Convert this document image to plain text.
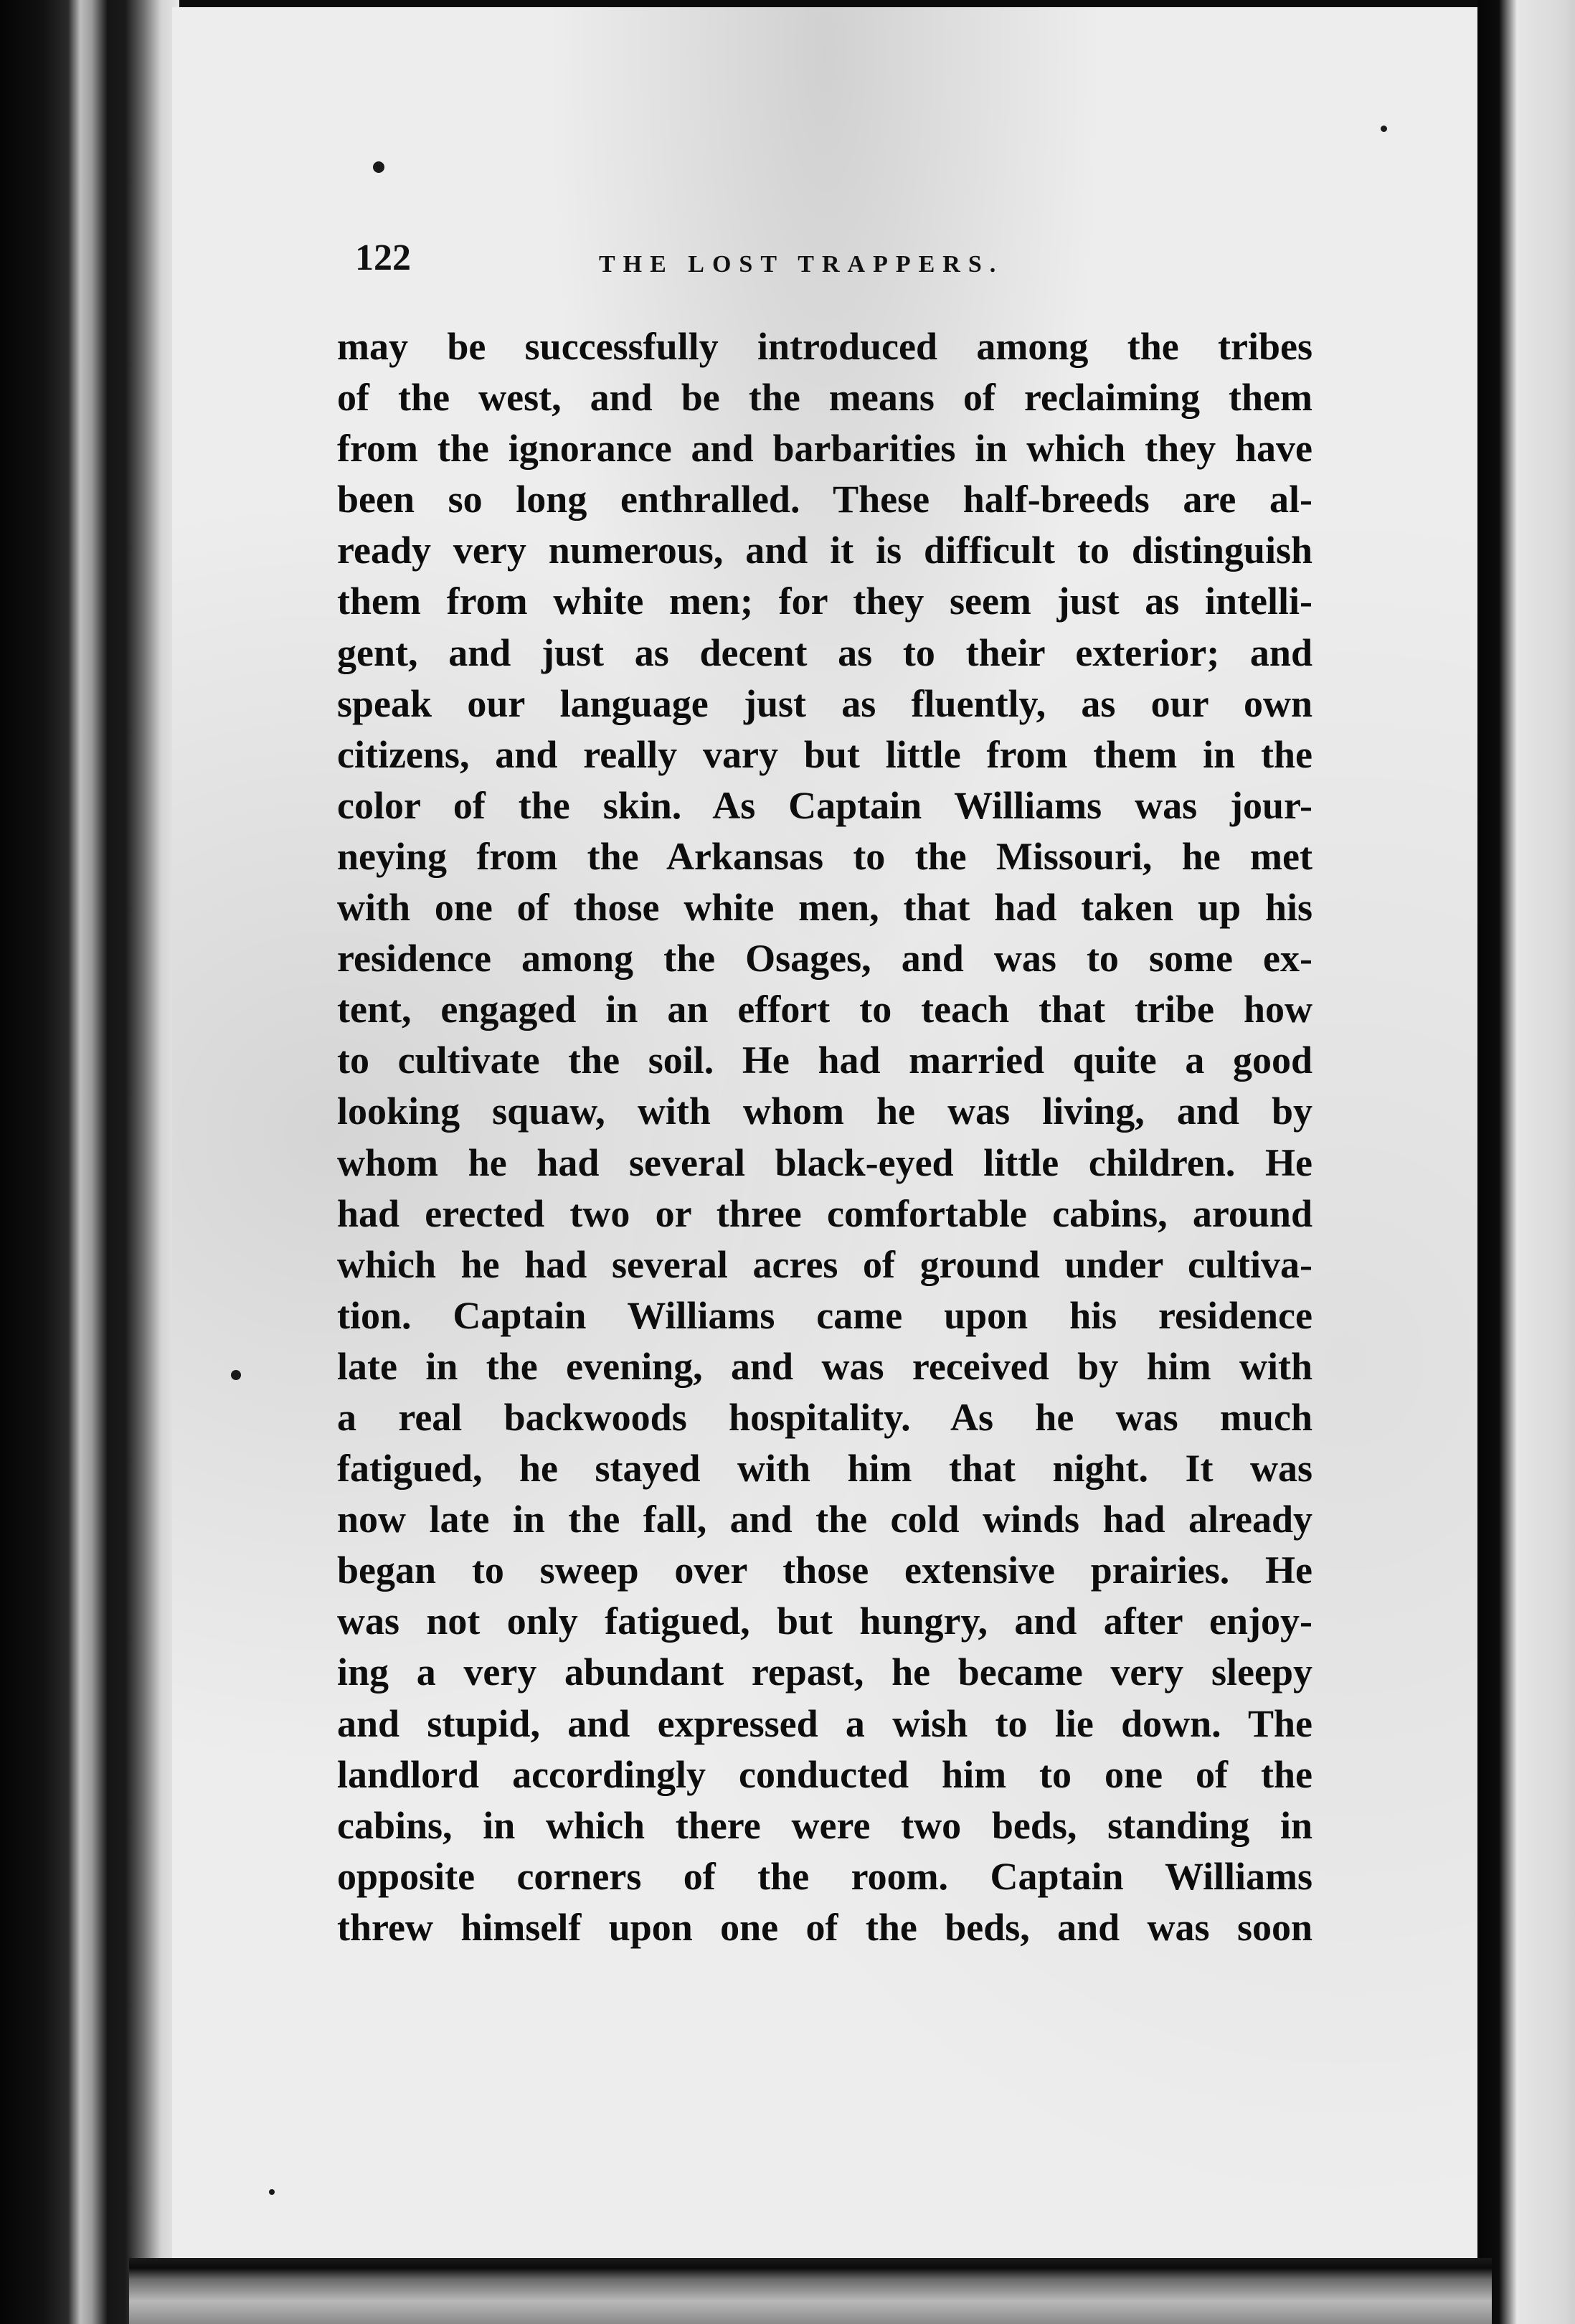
122	THE LOST TRAPPERS.
may be successfully introduced among the tribes
of the west, and be the means of reclaiming them
from the ignorance and barbarities in which they have
been so long enthralled. These half-breeds are al-
ready very numerous, and it is difficult to distinguish
them from white men; for they seem just as intelli-
gent, and just as decent as to their exterior; and
speak our language just as fluently, as our own
citizens, and really vary but little from them in the
color of the skin. As Captain Williams was jour-
neying from the Arkansas to the Missouri, he met
with one of those white men, that had taken up his
residence among the Osages, and was to some ex-
tent, engaged in an effort to teach that tribe how
to cultivate the soil. He had married quite a good
looking squaw, with whom he was living, and by
whom he had several black-eyed little children. He
had erected two or three comfortable cabins, around
which he had several acres of ground under cultiva-
tion. Captain Williams came upon his residence
late in the evening, and was received by him with
a real backwoods hospitality. As he was much
fatigued, he stayed with him that night. It was
now late in the fall, and the cold winds had already
began to sweep over those extensive prairies. He
was not only fatigued, but hungry, and after enjoy-
ing a very abundant repast, he became very sleepy
and stupid, and expressed a wish to lie down. The
landlord accordingly conducted him to one of the
cabins, in which there were two beds, standing in
opposite corners of the room. Captain Williams
threw himself upon one of the beds, and was soon
